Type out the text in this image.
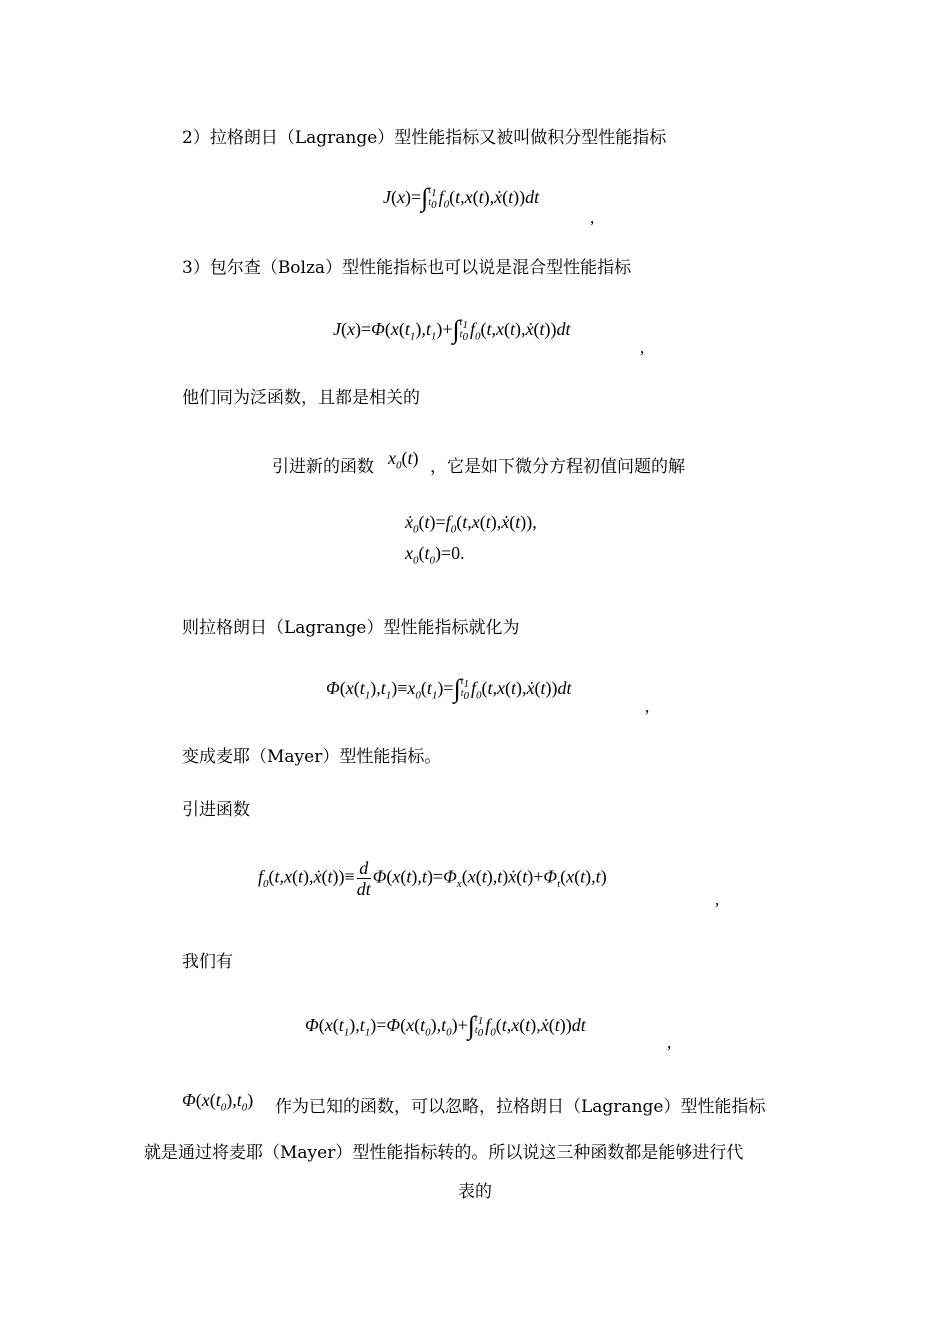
2）拉格朗日（Lagrange）型性能指标又被叫做积分型性能指标
J(x)=∫ $t_1$
$t_0$ $f_0(t,x(t),ẋ(t))dt$
,
3）包尔查（Bolza）型性能指标也可以说是混合型性能指标
$J(x)=\Phi(x(t_1),t_1)+\int$ $t_1$
$t_0$ $f_0(t,x(t),ẋ(t))dt$
,
他们同为泛函数，且都是相关的
引进新的函数 $x_0(t)$ ，它是如下微分方程初值问题的解
$ẋ_0(t)=f_0(t,x(t),ẋ(t))$,
$x_0(t_0)=0$.
则拉格朗日（Lagrange）型性能指标就化为
$\Phi(x(t_1),t_1)\equiv x_0(t_1)=\int$ $t_1$
$t_0$ $f_0(t,x(t),ẋ(t))dt$
,
变成麦耶（Mayer）型性能指标。
引进函数
$f_0(t,x(t),ẋ(t))\equiv \frac{d}{dt}$ $\Phi(x(t),t)=\Phi_x(x(t),t)ẋ(t)+\Phi_t(x(t),t)$
,
我们有
$\Phi(x(t_1),t_1)=\Phi(x(t_0),t_0)+\int$ $t_1$
$t_0$ $f_0(t,x(t),ẋ(t))dt$
,
$\Phi(x(t_0),t_0)$ 作为已知的函数，可以忽略，拉格朗日（Lagrange）型性能指标
就是通过将麦耶（Mayer）型性能指标转的。所以说这三种函数都是能够进行代
表的
